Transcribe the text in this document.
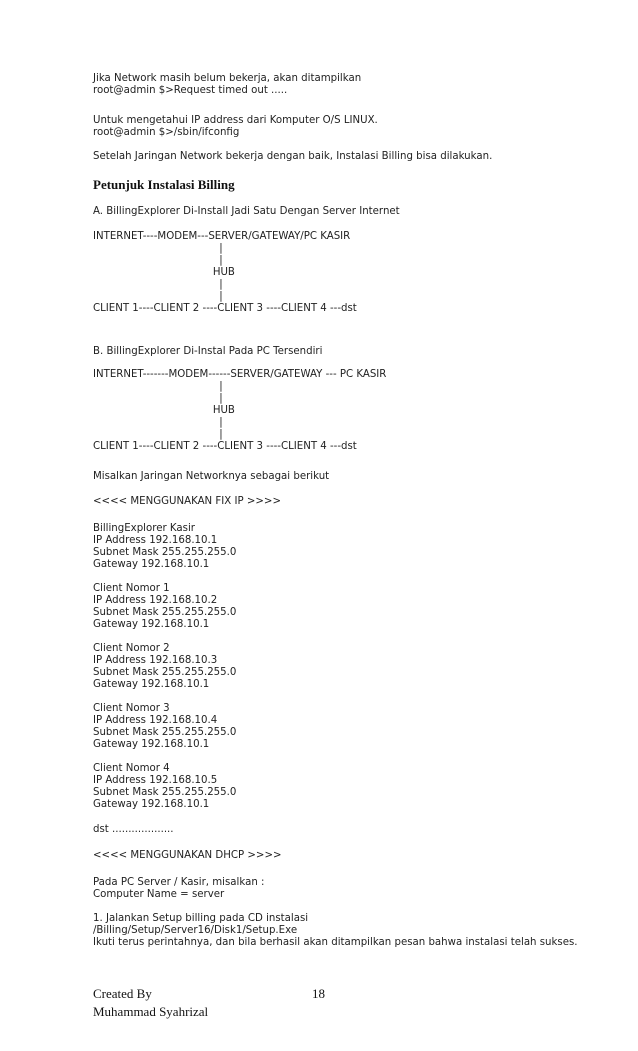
Jika Network masih belum bekerja, akan ditampilkan
root@admin $>Request timed out .....
Untuk mengetahui IP address dari Komputer O/S LINUX.
root@admin $>/sbin/ifconfig
Setelah Jaringan Network bekerja dengan baik, Instalasi Billing bisa dilakukan.
Petunjuk Instalasi Billing
A. BillingExplorer Di-Install Jadi Satu Dengan Server Internet
INTERNET----MODEM---SERVER/GATEWAY/PC KASIR
|
|
HUB
|
|
CLIENT 1----CLIENT 2 ----CLIENT 3 ----CLIENT 4 ---dst
B. BillingExplorer Di-Instal Pada PC Tersendiri
INTERNET-------MODEM------SERVER/GATEWAY --- PC KASIR
|
|
HUB
|
|
CLIENT 1----CLIENT 2 ----CLIENT 3 ----CLIENT 4 ---dst
Misalkan Jaringan Networknya sebagai berikut
<<<< MENGGUNAKAN FIX IP >>>>
BillingExplorer Kasir
IP Address 192.168.10.1
Subnet Mask 255.255.255.0
Gateway 192.168.10.1
Client Nomor 1
IP Address 192.168.10.2
Subnet Mask 255.255.255.0
Gateway 192.168.10.1
Client Nomor 2
IP Address 192.168.10.3
Subnet Mask 255.255.255.0
Gateway 192.168.10.1
Client Nomor 3
IP Address 192.168.10.4
Subnet Mask 255.255.255.0
Gateway 192.168.10.1
Client Nomor 4
IP Address 192.168.10.5
Subnet Mask 255.255.255.0
Gateway 192.168.10.1
dst ...................
<<<< MENGGUNAKAN DHCP >>>>
Pada PC Server / Kasir, misalkan :
Computer Name = server
1. Jalankan Setup billing pada CD instalasi
/Billing/Setup/Server16/Disk1/Setup.Exe
Ikuti terus perintahnya, dan bila berhasil akan ditampilkan pesan bahwa instalasi telah sukses.
Created By
Muhammad Syahrizal
18
